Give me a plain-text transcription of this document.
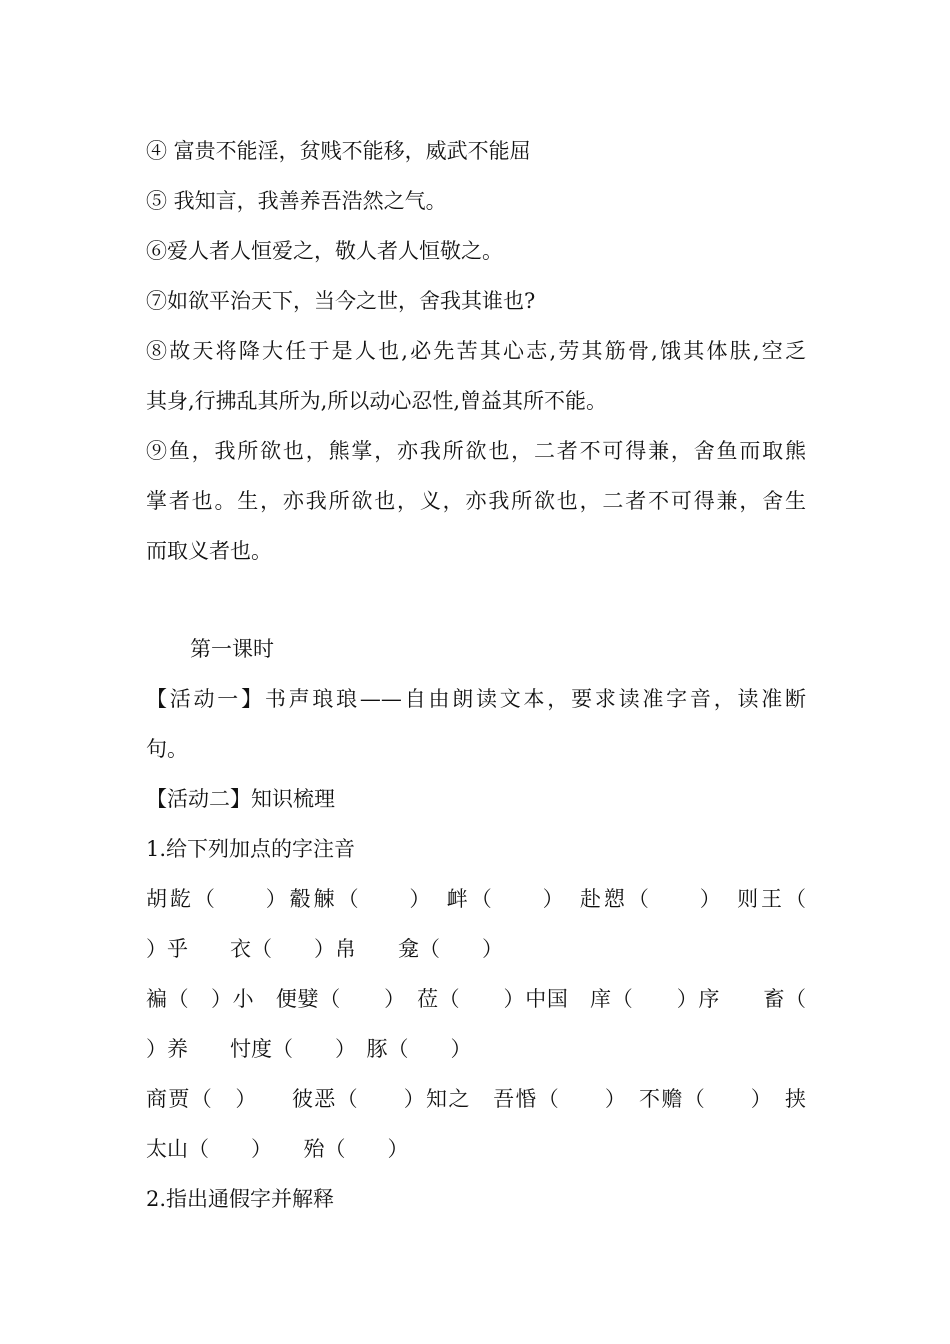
④ 富贵不能淫，贫贱不能移，威武不能屈
⑤ 我知言，我善养吾浩然之气。
⑥爱人者人恒爱之，敬人者人恒敬之。
⑦如欲平治天下，当今之世，舍我其谁也?
⑧故天将降大任于是人也,必先苦其心志,劳其筋骨,饿其体肤,空乏
其身,行拂乱其所为,所以动心忍性,曾益其所不能。
⑨鱼，我所欲也，熊掌，亦我所欲也，二者不可得兼，舍鱼而取熊
掌者也。生，亦我所欲也，义，亦我所欲也，二者不可得兼，舍生
而取义者也。
第一课时
【活动一】书声琅琅——自由朗读文本，要求读准字音，读准断
句。
【活动二】知识梳理
1.给下列加点的字注音
胡龁（　　）觳觫（　　）　衅（　　）　赴愬（　　）　则王（
）乎　　衣（　　）帛　　龛（　　）
褊（　）小　便嬖（　　）　莅（　　）中国　庠（　　）序　　畜（
）养　　忖度（　　）　豚（　　）
商贾（　）　　彼恶（　　）知之　吾惛（　　）　不赡（　　）　挟
太山（　　）　　殆（　　）
2.指出通假字并解释
